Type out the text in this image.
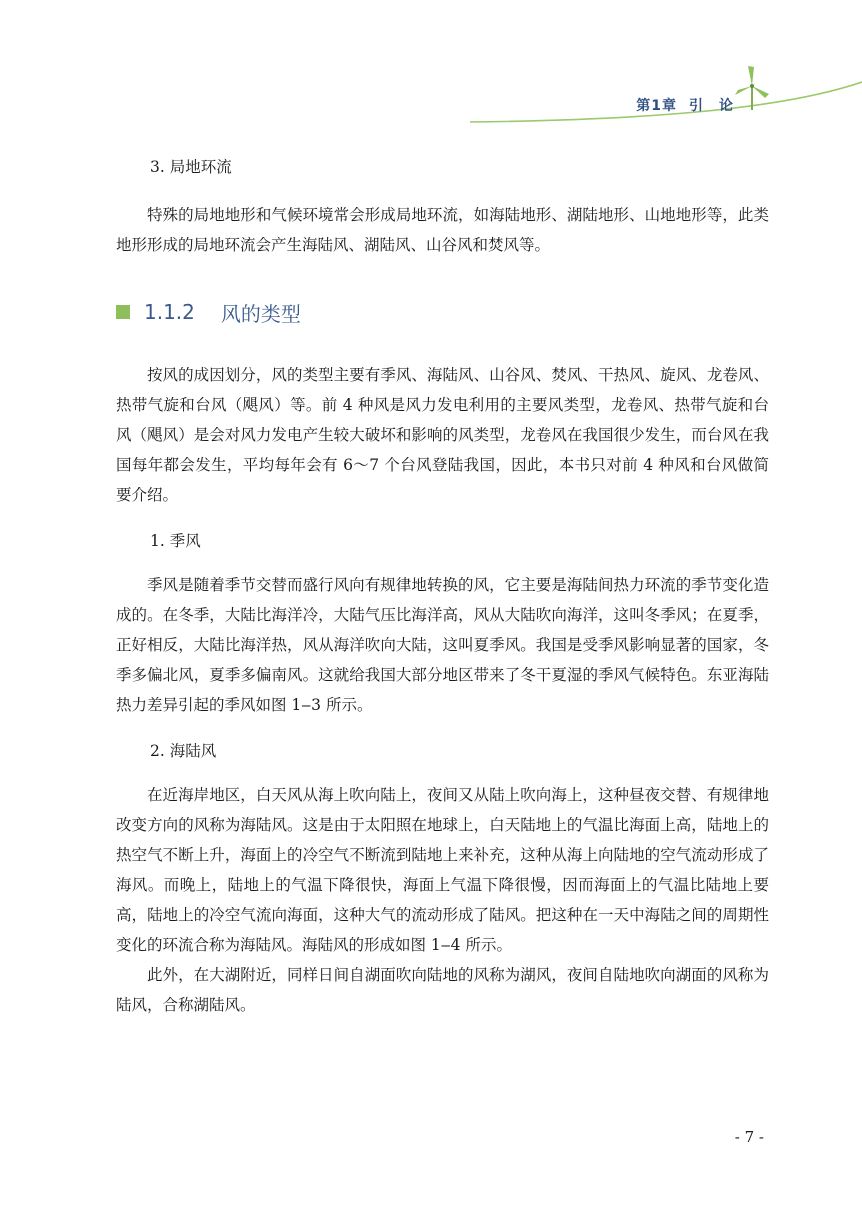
第1章 引　论

3. 局地环流

特殊的局地地形和气候环境常会形成局地环流，如海陆地形、湖陆地形、山地地形等，此类地形形成的局地环流会产生海陆风、湖陆风、山谷风和焚风等。

1.1.2 风的类型

按风的成因划分，风的类型主要有季风、海陆风、山谷风、焚风、干热风、旋风、龙卷风、热带气旋和台风（飓风）等。前 4 种风是风力发电利用的主要风类型，龙卷风、热带气旋和台风（飓风）是会对风力发电产生较大破坏和影响的风类型，龙卷风在我国很少发生，而台风在我国每年都会发生，平均每年会有 6～7 个台风登陆我国，因此，本书只对前 4 种风和台风做简要介绍。

1. 季风

季风是随着季节交替而盛行风向有规律地转换的风，它主要是海陆间热力环流的季节变化造成的。在冬季，大陆比海洋冷，大陆气压比海洋高，风从大陆吹向海洋，这叫冬季风；在夏季，正好相反，大陆比海洋热，风从海洋吹向大陆，这叫夏季风。我国是受季风影响显著的国家，冬季多偏北风，夏季多偏南风。这就给我国大部分地区带来了冬干夏湿的季风气候特色。东亚海陆热力差异引起的季风如图 1‒3 所示。

2. 海陆风

在近海岸地区，白天风从海上吹向陆上，夜间又从陆上吹向海上，这种昼夜交替、有规律地改变方向的风称为海陆风。这是由于太阳照在地球上，白天陆地上的气温比海面上高，陆地上的热空气不断上升，海面上的冷空气不断流到陆地上来补充，这种从海上向陆地的空气流动形成了海风。而晚上，陆地上的气温下降很快，海面上气温下降很慢，因而海面上的气温比陆地上要高，陆地上的冷空气流向海面，这种大气的流动形成了陆风。把这种在一天中海陆之间的周期性变化的环流合称为海陆风。海陆风的形成如图 1‒4 所示。

此外，在大湖附近，同样日间自湖面吹向陆地的风称为湖风，夜间自陆地吹向湖面的风称为陆风，合称湖陆风。

- 7 -
